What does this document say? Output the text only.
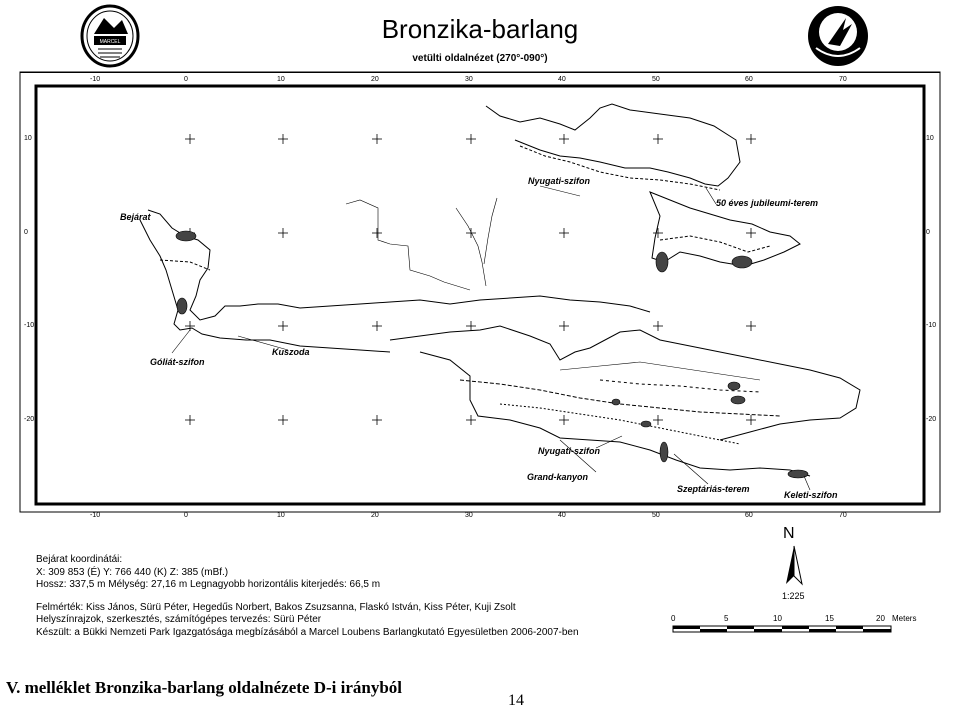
MARCEL	Bronzika-barlang
vetülti oldalnézet (270°-090°)
-10	0	10	20	30	40	50	60	70
-10	0	10	20	30	40	50	60	70
10
0
-10
-20
10
0
-10
-20
Bejárat
Nyugati-szifon
50 éves jubileumi-terem
Góliát-szifon
Kuszoda
Nyugati-szifon
Grand-kanyon
Szeptáriás-terem
Keleti-szifon
Bejárat koordinátái:
X: 309 853 (É) Y: 766 440 (K) Z: 385 (mBf.)
Hossz: 337,5 m Mélység: 27,16 m Legnagyobb horizontális kiterjedés: 66,5 m
Felmérték: Kiss János, Sürü Péter, Hegedűs Norbert, Bakos Zsuzsanna, Flaskó István, Kiss Péter, Kuji Zsolt
Helyszínrajzok, szerkesztés, számítógépes tervezés: Sürü Péter
Készült: a Bükki Nemzeti Park Igazgatósága megbízásából a Marcel Loubens Barlangkutató Egyesületben 2006-2007-ben
N
1:225
0	5	10	15	20 Meters
V. melléklet Bronzika-barlang oldalnézete D-i irányból
14
